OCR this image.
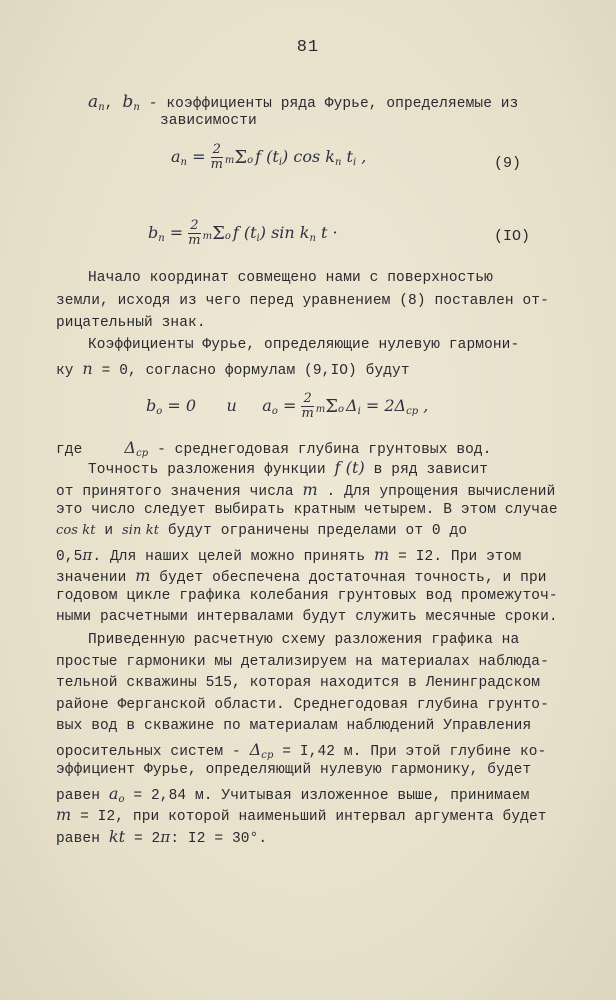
81
$a_n$, $b_n$ - коэффициенты ряда Фурье, определяемые из
зависимости
$a_n = \frac{2}{m}$ mΣo f $(t_i)$ $\cos k_n$ $t_i$ ,	(9)
$b_n = \frac{2}{m}$ mΣo f $(t_i)$ $\sin k_n$ t ·	(IO)
Начало координат совмещено нами с поверхностью
земли, исходя из чего перед уравнением (8) поставлен от-
рицательный знак.
Коэффициенты Фурье, определяющие нулевую гармони-
ку n = 0, согласно формулам (9,IO) будут
$b_o = 0$      u     $a_o = \frac{2}{m}$ mΣo $\Delta_i = 2\Delta_{ср}$ ,
где	$\Delta_{ср}$ - среднегодовая глубина грунтовых вод.
Точность разложения функции f (t) в ряд зависит
от принятого значения числа m . Для упрощения вычислений
это число следует выбирать кратным четырем. В этом случае
cos kt и sin kt будут ограничены пределами от 0 до
0,5π. Для наших целей можно принять m = I2. При этом
значении m будет обеспечена достаточная точность, и при
годовом цикле графика колебания грунтовых вод промежуточ-
ными расчетными интервалами будут служить месячные сроки.
Приведенную расчетную схему разложения графика на
простые гармоники мы детализируем на материалах наблюда-
тельной скважины 515, которая находится в Ленинградском
районе Ферганской области. Среднегодовая глубина грунто-
вых вод в скважине по материалам наблюдений Управления
оросительных систем - $\Delta_{ср} = I,42$ м. При этой глубине ко-
эффициент Фурье, определяющий нулевую гармонику, будет
равен $a_o = 2,84$ м. Учитывая изложенное выше, принимаем
m = I2, при которой наименьший интервал аргумента будет
равен kt = 2π: I2 = 30°.
